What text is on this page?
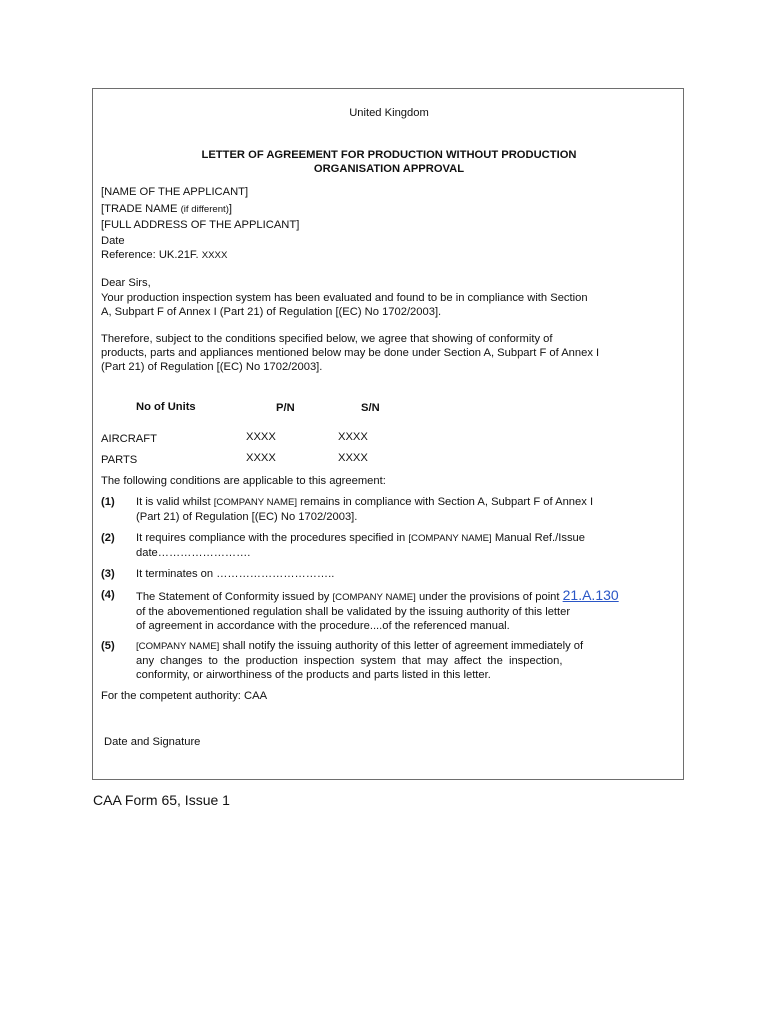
United Kingdom
LETTER OF AGREEMENT FOR PRODUCTION WITHOUT PRODUCTION
ORGANISATION APPROVAL
[NAME OF THE APPLICANT]
[TRADE NAME (if different)]
[FULL ADDRESS OF THE APPLICANT]
Date
Reference: UK.21F. XXXX
Dear Sirs,
Your production inspection system has been evaluated and found to be in compliance with Section
A, Subpart F of Annex I (Part 21) of Regulation [(EC) No 1702/2003].
Therefore, subject to the conditions specified below, we agree that showing of conformity of
products, parts and appliances mentioned below may be done under Section A, Subpart F of Annex I
(Part 21) of Regulation [(EC) No 1702/2003].
No of Units	P/N	S/N
AIRCRAFT	XXXX	XXXX
PARTS	XXXX	XXXX
The following conditions are applicable to this agreement:
(1) It is valid whilst [COMPANY NAME] remains in compliance with Section A, Subpart F of Annex I
(Part 21) of Regulation [(EC) No 1702/2003].
(2) It requires compliance with the procedures specified in [COMPANY NAME] Manual Ref./Issue
date…………………….
(3) It terminates on …………………………..
(4) The Statement of Conformity issued by [COMPANY NAME] under the provisions of point 21.A.130
of the abovementioned regulation shall be validated by the issuing authority of this letter
of agreement in accordance with the procedure....of the referenced manual.
(5) [COMPANY NAME] shall notify the issuing authority of this letter of agreement immediately of
any changes to the production inspection system that may affect the inspection,
conformity, or airworthiness of the products and parts listed in this letter.
For the competent authority: CAA
Date and Signature
CAA Form 65, Issue 1
